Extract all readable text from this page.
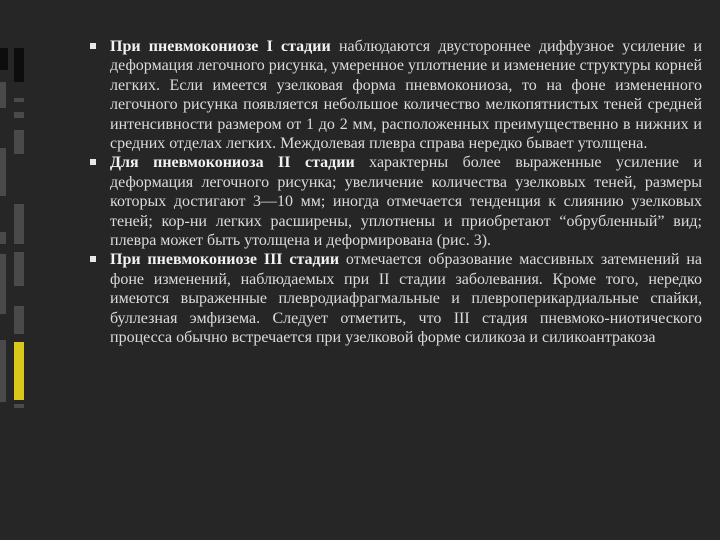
При пневмокониозе I стадии наблюдаются двустороннее диффузное усиление и деформация легочного рисунка, умеренное уплотнение и изменение структуры корней легких. Если имеется узелковая форма пневмокониоза, то на фоне измененного легочного рисунка появляется небольшое количество мелкопятнистых теней средней интенсивности размером от 1 до 2 мм, расположенных преимущественно в нижних и средних отделах легких. Междолевая плевра справа нередко бывает утолщена.

Для пневмокониоза II стадии характерны более выраженные усиление и деформация легочного рисунка; увеличение количества узелковых теней, размеры которых достигают 3—10 мм; иногда отмечается тенденция к слиянию узелковых теней; кор-ни легких расширены, уплотнены и приобретают “обрубленный” вид; плевра может быть утолщена и деформирована (рис. 3).

При пневмокониозе III стадии отмечается образование массивных затемнений на фоне изменений, наблюдаемых при II стадии заболевания. Кроме того, нередко имеются выраженные плевродиафрагмальные и плевроперикардиальные спайки, буллезная эмфизема. Следует отметить, что III стадия пневмоко-ниотического процесса обычно встречается при узелковой форме силикоза и силикоантракоза
